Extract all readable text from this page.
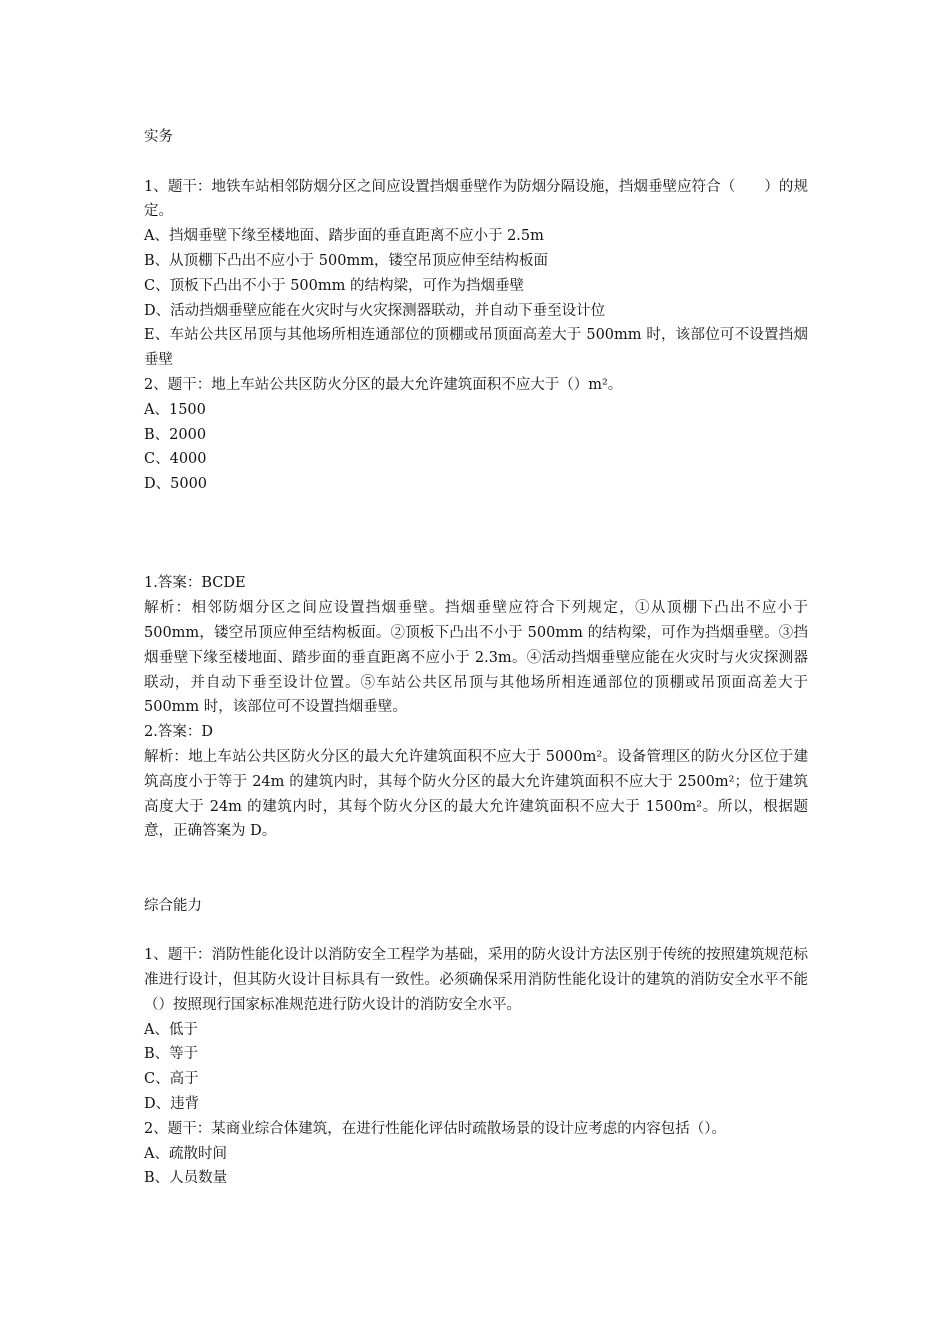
实务

1、题干：地铁车站相邻防烟分区之间应设置挡烟垂壁作为防烟分隔设施，挡烟垂壁应符合（　　）的规定。

A、挡烟垂壁下缘至楼地面、踏步面的垂直距离不应小于 2.5m

B、从顶棚下凸出不应小于 500mm，镂空吊顶应伸至结构板面

C、顶板下凸出不小于 500mm 的结构梁，可作为挡烟垂壁

D、活动挡烟垂壁应能在火灾时与火灾探测器联动，并自动下垂至设计位

E、车站公共区吊顶与其他场所相连通部位的顶棚或吊顶面高差大于 500mm 时，该部位可不设置挡烟垂壁

2、题干：地上车站公共区防火分区的最大允许建筑面积不应大于（）m²。

A、1500

B、2000

C、4000

D、5000

1.答案：BCDE

解析：相邻防烟分区之间应设置挡烟垂壁。挡烟垂壁应符合下列规定，①从顶棚下凸出不应小于 500mm，镂空吊顶应伸至结构板面。②顶板下凸出不小于 500mm 的结构梁，可作为挡烟垂壁。③挡烟垂壁下缘至楼地面、踏步面的垂直距离不应小于 2.3m。④活动挡烟垂壁应能在火灾时与火灾探测器联动，并自动下垂至设计位置。⑤车站公共区吊顶与其他场所相连通部位的顶棚或吊顶面高差大于 500mm 时，该部位可不设置挡烟垂壁。

2.答案：D

解析：地上车站公共区防火分区的最大允许建筑面积不应大于 5000m²。设备管理区的防火分区位于建筑高度小于等于 24m 的建筑内时，其每个防火分区的最大允许建筑面积不应大于 2500m²；位于建筑高度大于 24m 的建筑内时，其每个防火分区的最大允许建筑面积不应大于 1500m²。所以，根据题意，正确答案为 D。

综合能力

1、题干：消防性能化设计以消防安全工程学为基础，采用的防火设计方法区别于传统的按照建筑规范标准进行设计，但其防火设计目标具有一致性。必须确保采用消防性能化设计的建筑的消防安全水平不能（）按照现行国家标准规范进行防火设计的消防安全水平。

A、低于

B、等于

C、高于

D、违背

2、题干：某商业综合体建筑，在进行性能化评估时疏散场景的设计应考虑的内容包括（）。

A、疏散时间

B、人员数量
